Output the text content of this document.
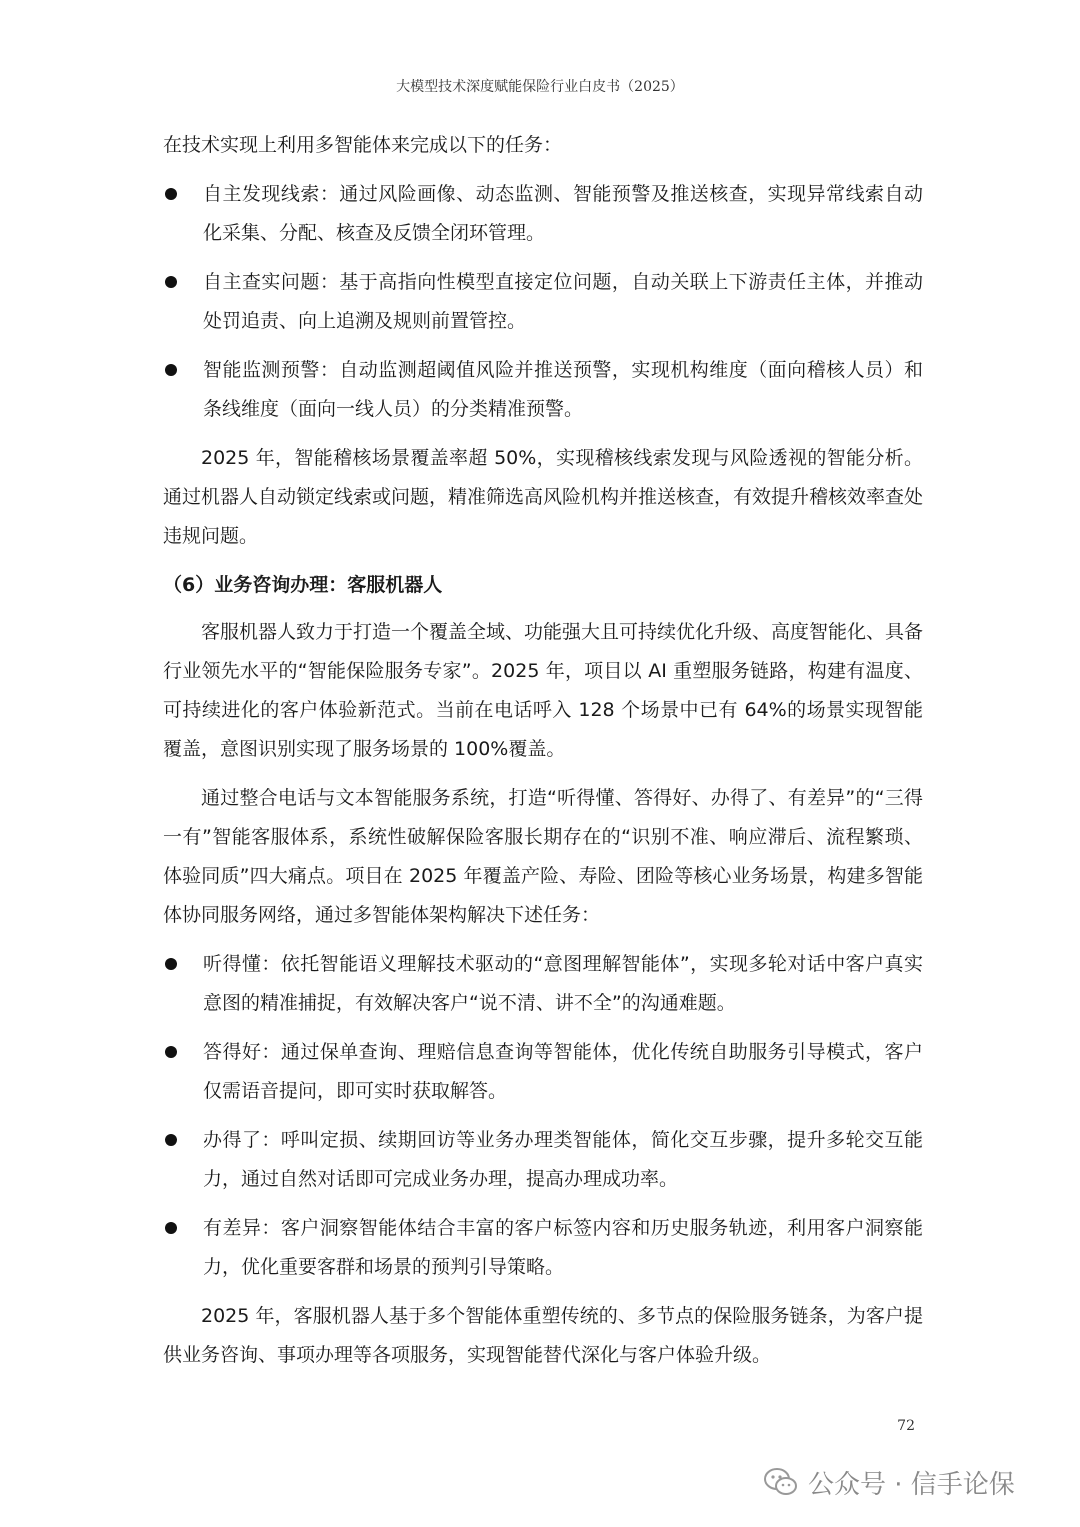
大模型技术深度赋能保险行业白皮书（2025）

在技术实现上利用多智能体来完成以下的任务：

自主发现线索：通过风险画像、动态监测、智能预警及推送核查，实现异常线索自动化采集、分配、核查及反馈全闭环管理。
自主查实问题：基于高指向性模型直接定位问题，自动关联上下游责任主体，并推动处罚追责、向上追溯及规则前置管控。
智能监测预警：自动监测超阈值风险并推送预警，实现机构维度（面向稽核人员）和条线维度（面向一线人员）的分类精准预警。

2025 年，智能稽核场景覆盖率超 50%，实现稽核线索发现与风险透视的智能分析。通过机器人自动锁定线索或问题，精准筛选高风险机构并推送核查，有效提升稽核效率查处违规问题。

（6）业务咨询办理：客服机器人

客服机器人致力于打造一个覆盖全域、功能强大且可持续优化升级、高度智能化、具备行业领先水平的“智能保险服务专家”。2025 年，项目以 AI 重塑服务链路，构建有温度、可持续进化的客户体验新范式。当前在电话呼入 128 个场景中已有 64%的场景实现智能覆盖，意图识别实现了服务场景的 100%覆盖。

通过整合电话与文本智能服务系统，打造“听得懂、答得好、办得了、有差异”的“三得一有”智能客服体系，系统性破解保险客服长期存在的“识别不准、响应滞后、流程繁琐、体验同质”四大痛点。项目在 2025 年覆盖产险、寿险、团险等核心业务场景，构建多智能体协同服务网络，通过多智能体架构解决下述任务：

听得懂：依托智能语义理解技术驱动的“意图理解智能体”，实现多轮对话中客户真实意图的精准捕捉，有效解决客户“说不清、讲不全”的沟通难题。
答得好：通过保单查询、理赔信息查询等智能体，优化传统自助服务引导模式，客户仅需语音提问，即可实时获取解答。
办得了：呼叫定损、续期回访等业务办理类智能体，简化交互步骤，提升多轮交互能力，通过自然对话即可完成业务办理，提高办理成功率。
有差异：客户洞察智能体结合丰富的客户标签内容和历史服务轨迹，利用客户洞察能力，优化重要客群和场景的预判引导策略。

2025 年，客服机器人基于多个智能体重塑传统的、多节点的保险服务链条，为客户提供业务咨询、事项办理等各项服务，实现智能替代深化与客户体验升级。

72
公众号 · 信手论保
